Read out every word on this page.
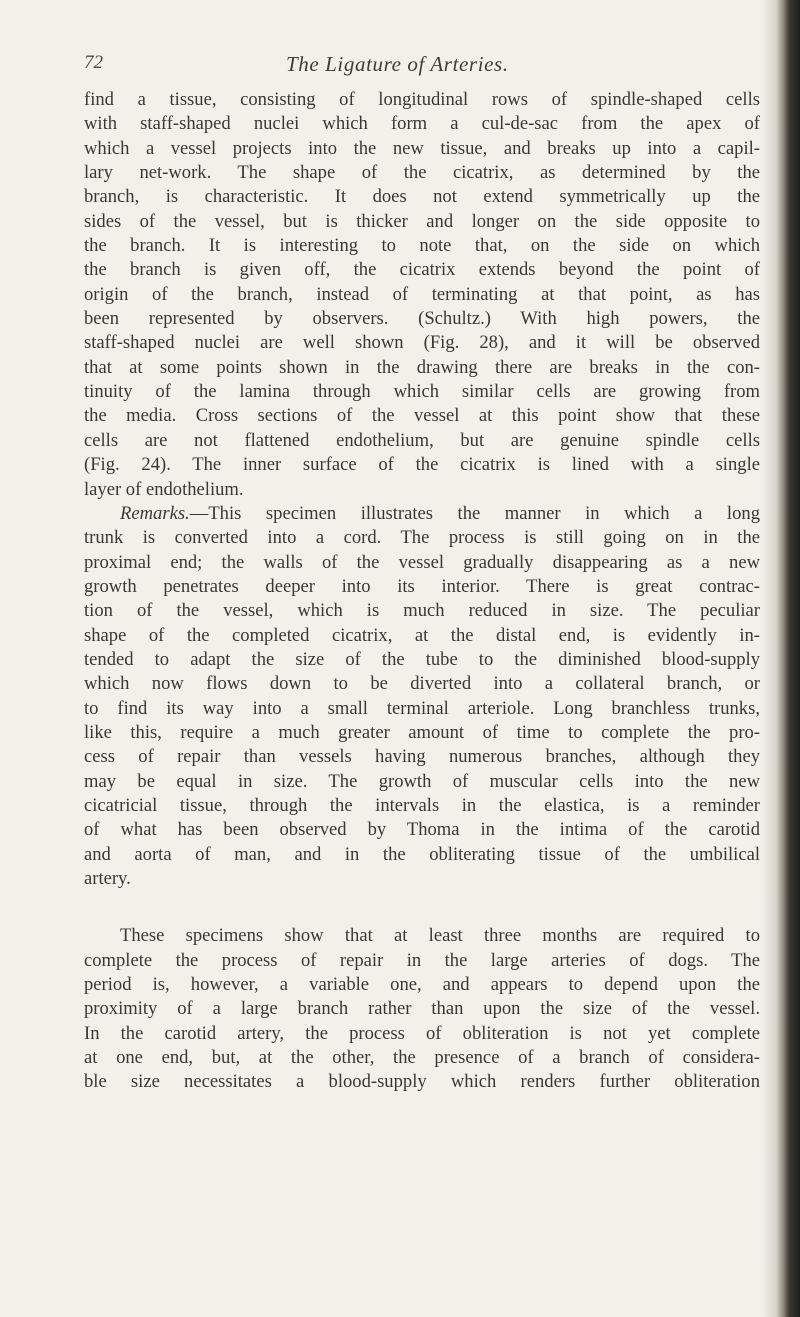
72	The Ligature of Arteries.
find a tissue, consisting of longitudinal rows of spindle-shaped cells
with staff-shaped nuclei which form a cul-de-sac from the apex of
which a vessel projects into the new tissue, and breaks up into a capil-
lary net-work. The shape of the cicatrix, as determined by the
branch, is characteristic. It does not extend symmetrically up the
sides of the vessel, but is thicker and longer on the side opposite to
the branch. It is interesting to note that, on the side on which
the branch is given off, the cicatrix extends beyond the point of
origin of the branch, instead of terminating at that point, as has
been represented by observers. (Schultz.) With high powers, the
staff-shaped nuclei are well shown (Fig. 28), and it will be observed
that at some points shown in the drawing there are breaks in the con-
tinuity of the lamina through which similar cells are growing from
the media. Cross sections of the vessel at this point show that these
cells are not flattened endothelium, but are genuine spindle cells
(Fig. 24). The inner surface of the cicatrix is lined with a single
layer of endothelium.
Remarks.—This specimen illustrates the manner in which a long
trunk is converted into a cord. The process is still going on in the
proximal end; the walls of the vessel gradually disappearing as a new
growth penetrates deeper into its interior. There is great contrac-
tion of the vessel, which is much reduced in size. The peculiar
shape of the completed cicatrix, at the distal end, is evidently in-
tended to adapt the size of the tube to the diminished blood-supply
which now flows down to be diverted into a collateral branch, or
to find its way into a small terminal arteriole. Long branchless trunks,
like this, require a much greater amount of time to complete the pro-
cess of repair than vessels having numerous branches, although they
may be equal in size. The growth of muscular cells into the new
cicatricial tissue, through the intervals in the elastica, is a reminder
of what has been observed by Thoma in the intima of the carotid
and aorta of man, and in the obliterating tissue of the umbilical
artery.
These specimens show that at least three months are required to
complete the process of repair in the large arteries of dogs. The
period is, however, a variable one, and appears to depend upon the
proximity of a large branch rather than upon the size of the vessel.
In the carotid artery, the process of obliteration is not yet complete
at one end, but, at the other, the presence of a branch of considera-
ble size necessitates a blood-supply which renders further obliteration
